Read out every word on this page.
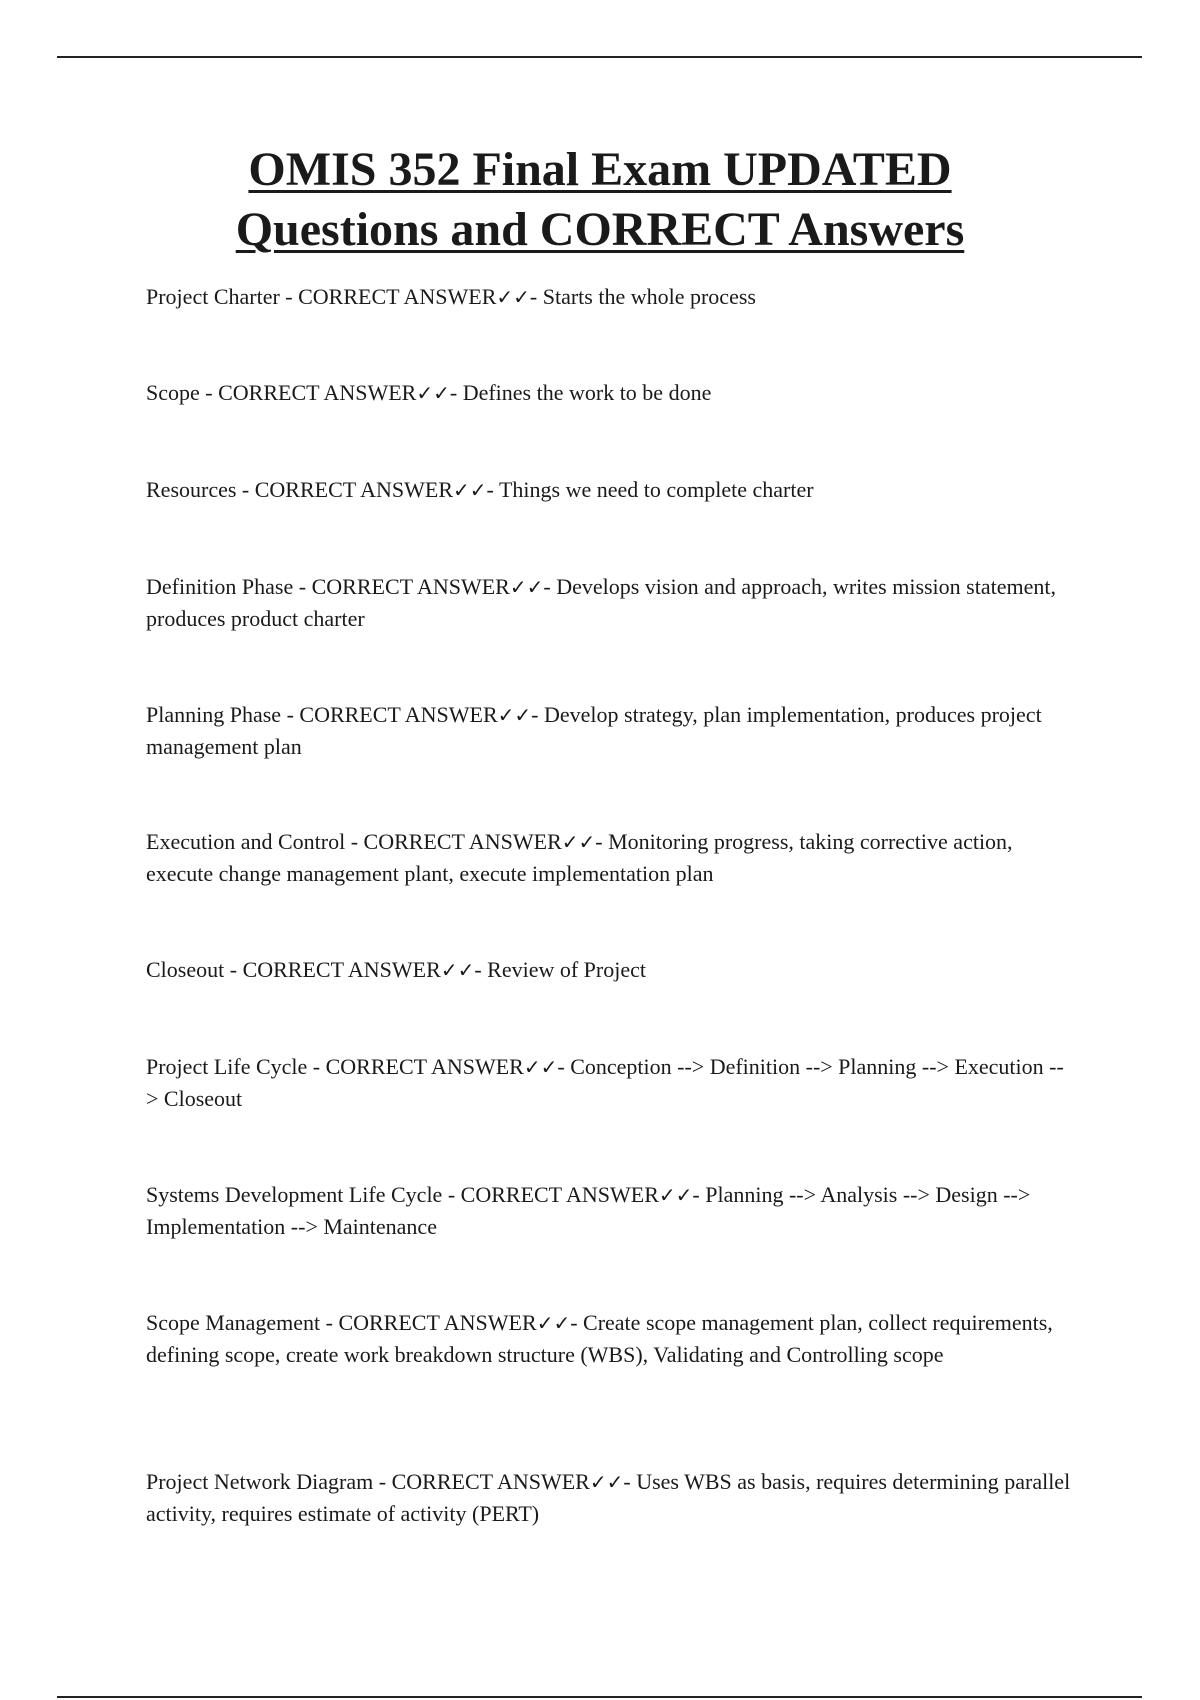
OMIS 352 Final Exam UPDATED
Questions and CORRECT Answers

Project Charter - CORRECT ANSWER✓✓- Starts the whole process

Scope - CORRECT ANSWER✓✓- Defines the work to be done

Resources - CORRECT ANSWER✓✓- Things we need to complete charter

Definition Phase - CORRECT ANSWER✓✓- Develops vision and approach, writes mission statement, produces product charter

Planning Phase - CORRECT ANSWER✓✓- Develop strategy, plan implementation, produces project management plan

Execution and Control - CORRECT ANSWER✓✓- Monitoring progress, taking corrective action, execute change management plant, execute implementation plan

Closeout - CORRECT ANSWER✓✓- Review of Project

Project Life Cycle - CORRECT ANSWER✓✓- Conception --> Definition --> Planning --> Execution --> Closeout

Systems Development Life Cycle - CORRECT ANSWER✓✓- Planning --> Analysis --> Design --> Implementation --> Maintenance

Scope Management - CORRECT ANSWER✓✓- Create scope management plan, collect requirements, defining scope, create work breakdown structure (WBS), Validating and Controlling scope

Project Network Diagram - CORRECT ANSWER✓✓- Uses WBS as basis, requires determining parallel activity, requires estimate of activity (PERT)
